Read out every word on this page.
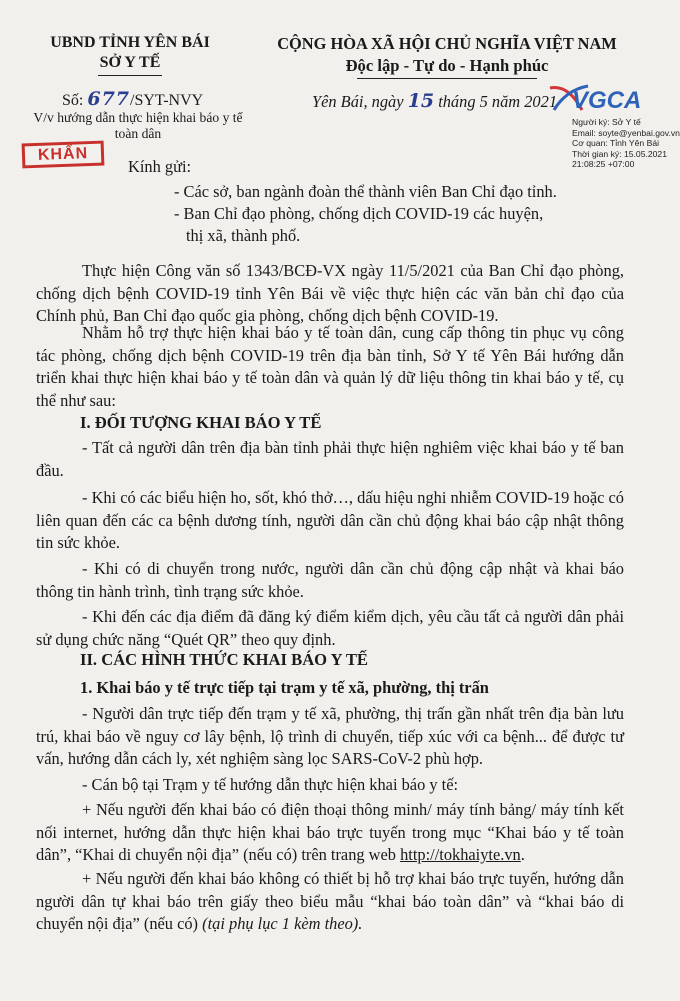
UBND TỈNH YÊN BÁI
SỞ Y TẾ
CỘNG HÒA XÃ HỘI CHỦ NGHĨA VIỆT NAM
Độc lập - Tự do - Hạnh phúc
Số: 677/SYT-NVY
V/v hướng dẫn thực hiện khai báo y tế
toàn dân
Yên Bái, ngày 15 tháng 5 năm 2021 VGCA
Người ký: Sở Y tế
Email: soyte@yenbai.gov.vn
Cơ quan: Tỉnh Yên Bái
Thời gian ký: 15.05.2021
21:08:25 +07:00
KHẨN
Kính gửi:
- Các sở, ban ngành đoàn thể thành viên Ban Chỉ đạo tỉnh.
- Ban Chỉ đạo phòng, chống dịch COVID-19 các huyện,
thị xã, thành phố.
Thực hiện Công văn số 1343/BCĐ-VX ngày 11/5/2021 của Ban Chỉ đạo phòng, chống dịch bệnh COVID-19 tỉnh Yên Bái về việc thực hiện các văn bản chỉ đạo của Chính phủ, Ban Chỉ đạo quốc gia phòng, chống dịch bệnh COVID-19.
Nhằm hỗ trợ thực hiện khai báo y tế toàn dân, cung cấp thông tin phục vụ công tác phòng, chống dịch bệnh COVID-19 trên địa bàn tỉnh, Sở Y tế Yên Bái hướng dẫn triển khai thực hiện khai báo y tế toàn dân và quản lý dữ liệu thông tin khai báo y tế, cụ thể như sau:
I. ĐỐI TƯỢNG KHAI BÁO Y TẾ
- Tất cả người dân trên địa bàn tỉnh phải thực hiện nghiêm việc khai báo y tế ban đầu.
- Khi có các biểu hiện ho, sốt, khó thở…, dấu hiệu nghi nhiễm COVID-19 hoặc có liên quan đến các ca bệnh dương tính, người dân cần chủ động khai báo cập nhật thông tin sức khỏe.
- Khi có di chuyển trong nước, người dân cần chủ động cập nhật và khai báo thông tin hành trình, tình trạng sức khỏe.
- Khi đến các địa điểm đã đăng ký điểm kiểm dịch, yêu cầu tất cả người dân phải sử dụng chức năng “Quét QR” theo quy định.
II. CÁC HÌNH THỨC KHAI BÁO Y TẾ
1. Khai báo y tế trực tiếp tại trạm y tế xã, phường, thị trấn
- Người dân trực tiếp đến trạm y tế xã, phường, thị trấn gần nhất trên địa bàn lưu trú, khai báo về nguy cơ lây bệnh, lộ trình di chuyển, tiếp xúc với ca bệnh... để được tư vấn, hướng dẫn cách ly, xét nghiệm sàng lọc SARS-CoV-2 phù hợp.
- Cán bộ tại Trạm y tế hướng dẫn thực hiện khai báo y tế:
+ Nếu người đến khai báo có điện thoại thông minh/ máy tính bảng/ máy tính kết nối internet, hướng dẫn thực hiện khai báo trực tuyến trong mục “Khai báo y tế toàn dân”, “Khai di chuyển nội địa” (nếu có) trên trang web http://tokhaiyte.vn.
+ Nếu người đến khai báo không có thiết bị hỗ trợ khai báo trực tuyến, hướng dẫn người dân tự khai báo trên giấy theo biểu mẫu “khai báo toàn dân” và “khai báo di chuyển nội địa” (nếu có) (tại phụ lục 1 kèm theo).
